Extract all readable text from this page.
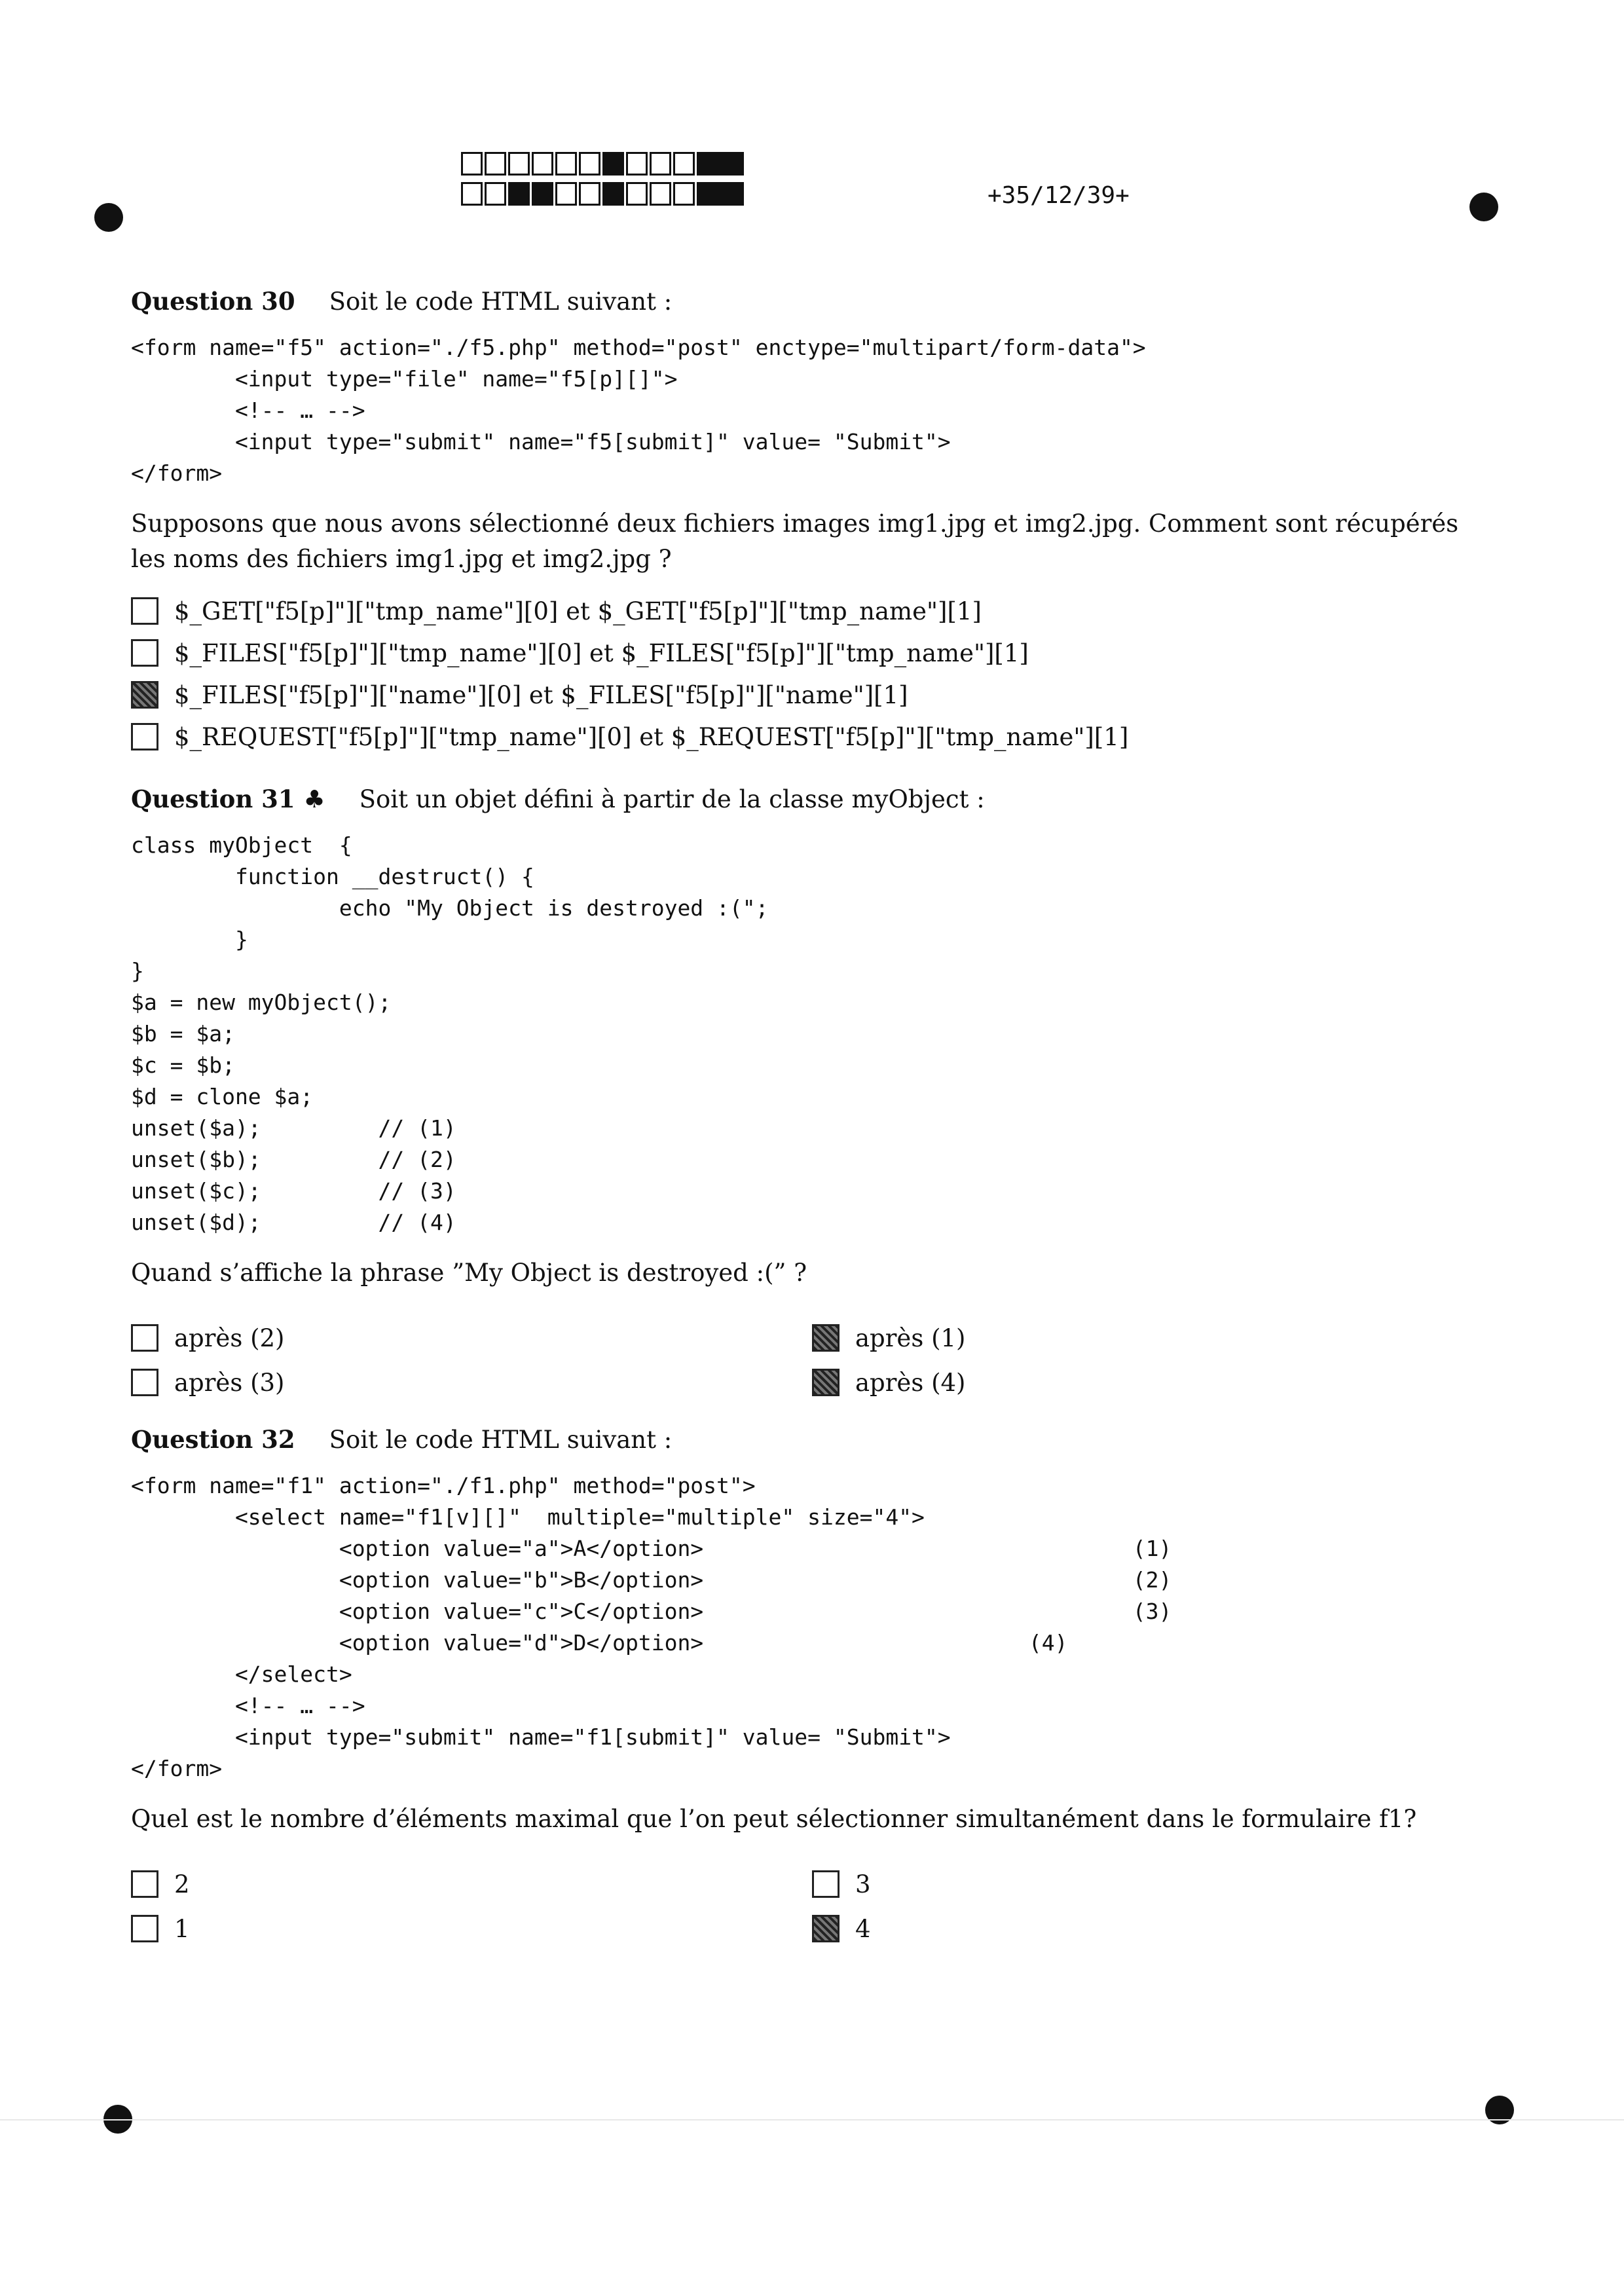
+35/12/39+
Question 30 Soit le code HTML suivant :
<form name="f5" action="./f5.php" method="post" enctype="multipart/form-data">
<input type="file" name="f5[p][]">
<!-- … -->
<input type="submit" name="f5[submit]" value= "Submit">
</form>
Supposons que nous avons sélectionné deux fichiers images img1.jpg et img2.jpg. Comment sont récupérés les noms des fichiers img1.jpg et img2.jpg ?
$_GET["f5[p]"]["tmp_name"][0] et $_GET["f5[p]"]["tmp_name"][1]
$_FILES["f5[p]"]["tmp_name"][0] et $_FILES["f5[p]"]["tmp_name"][1]
$_FILES["f5[p]"]["name"][0] et $_FILES["f5[p]"]["name"][1]
$_REQUEST["f5[p]"]["tmp_name"][0] et $_REQUEST["f5[p]"]["tmp_name"][1]
Question 31 ♣ Soit un objet défini à partir de la classe myObject :
class myObject  {
function __destruct() {
echo "My Object is destroyed :(";
}
}
$a = new myObject();
$b = $a;
$c = $b;
$d = clone $a;
unset($a);         // (1)
unset($b);         // (2)
unset($c);         // (3)
unset($d);         // (4)
Quand s’affiche la phrase ”My Object is destroyed :(” ?
après (2)	après (1)
après (3)	après (4)
Question 32 Soit le code HTML suivant :
<form name="f1" action="./f1.php" method="post">
<select name="f1[v][]"  multiple="multiple" size="4">
<option value="a">A</option>                                 (1)
<option value="b">B</option>                                 (2)
<option value="c">C</option>                                 (3)
<option value="d">D</option>                         (4)
</select>
<!-- … -->
<input type="submit" name="f1[submit]" value= "Submit">
</form>
Quel est le nombre d’éléments maximal que l’on peut sélectionner simultanément dans le formulaire f1?
2	3
1	4
